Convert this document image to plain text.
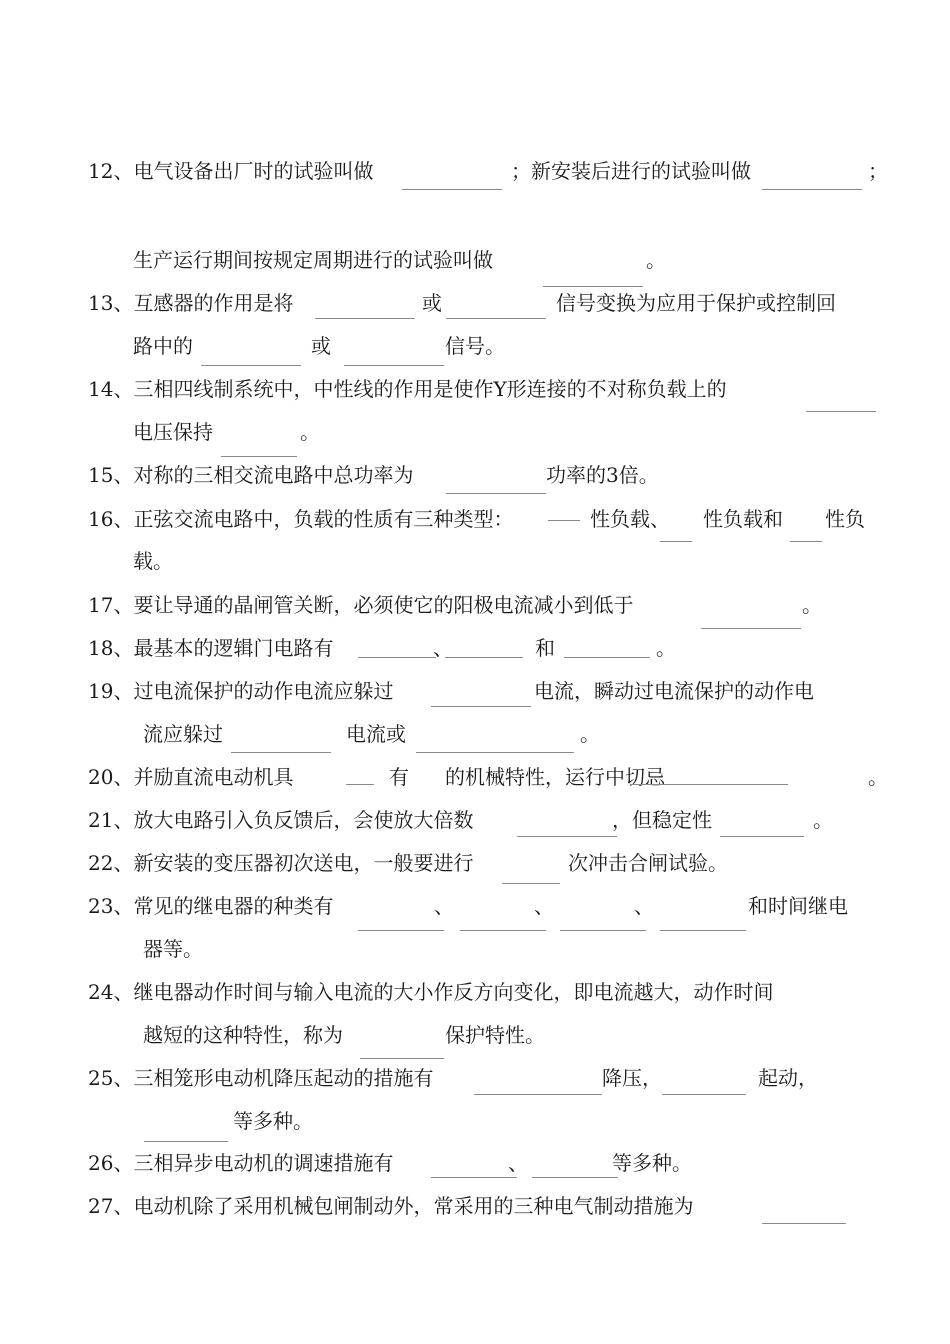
12、电气设备出厂时的试验叫做	；新安装后进行的试验叫做	；
生产运行期间按规定周期进行的试验叫做	。
13、互感器的作用是将	或	信号变换为应用于保护或控制回
路中的	或	信号。
14、三相四线制系统中，中性线的作用是使作Y形连接的不对称负载上的
电压保持	。
15、对称的三相交流电路中总功率为	功率的3倍。
16、正弦交流电路中，负载的性质有三种类型：	性负载、 性负载和 性负
载。
17、要让导通的晶闸管关断，必须使它的阳极电流减小到低于	。
18、最基本的逻辑门电路有	、	和	。
19、过电流保护的动作电流应躲过	电流，瞬动过电流保护的动作电
流应躲过	电流或	。
20、并励直流电动机具	有 的机械特性，运行中切忌	。
21、放大电路引入负反馈后，会使放大倍数	，但稳定性	。
22、新安装的变压器初次送电，一般要进行	次冲击合闸试验。
23、常见的继电器的种类有	、	、	、	和时间继电
器等。
24、继电器动作时间与输入电流的大小作反方向变化，即电流越大，动作时间
越短的这种特性，称为	保护特性。
25、三相笼形电动机降压起动的措施有	降压，	起动，
等多种。
26、三相异步电动机的调速措施有	、	等多种。
27、电动机除了采用机械包闸制动外，常采用的三种电气制动措施为
